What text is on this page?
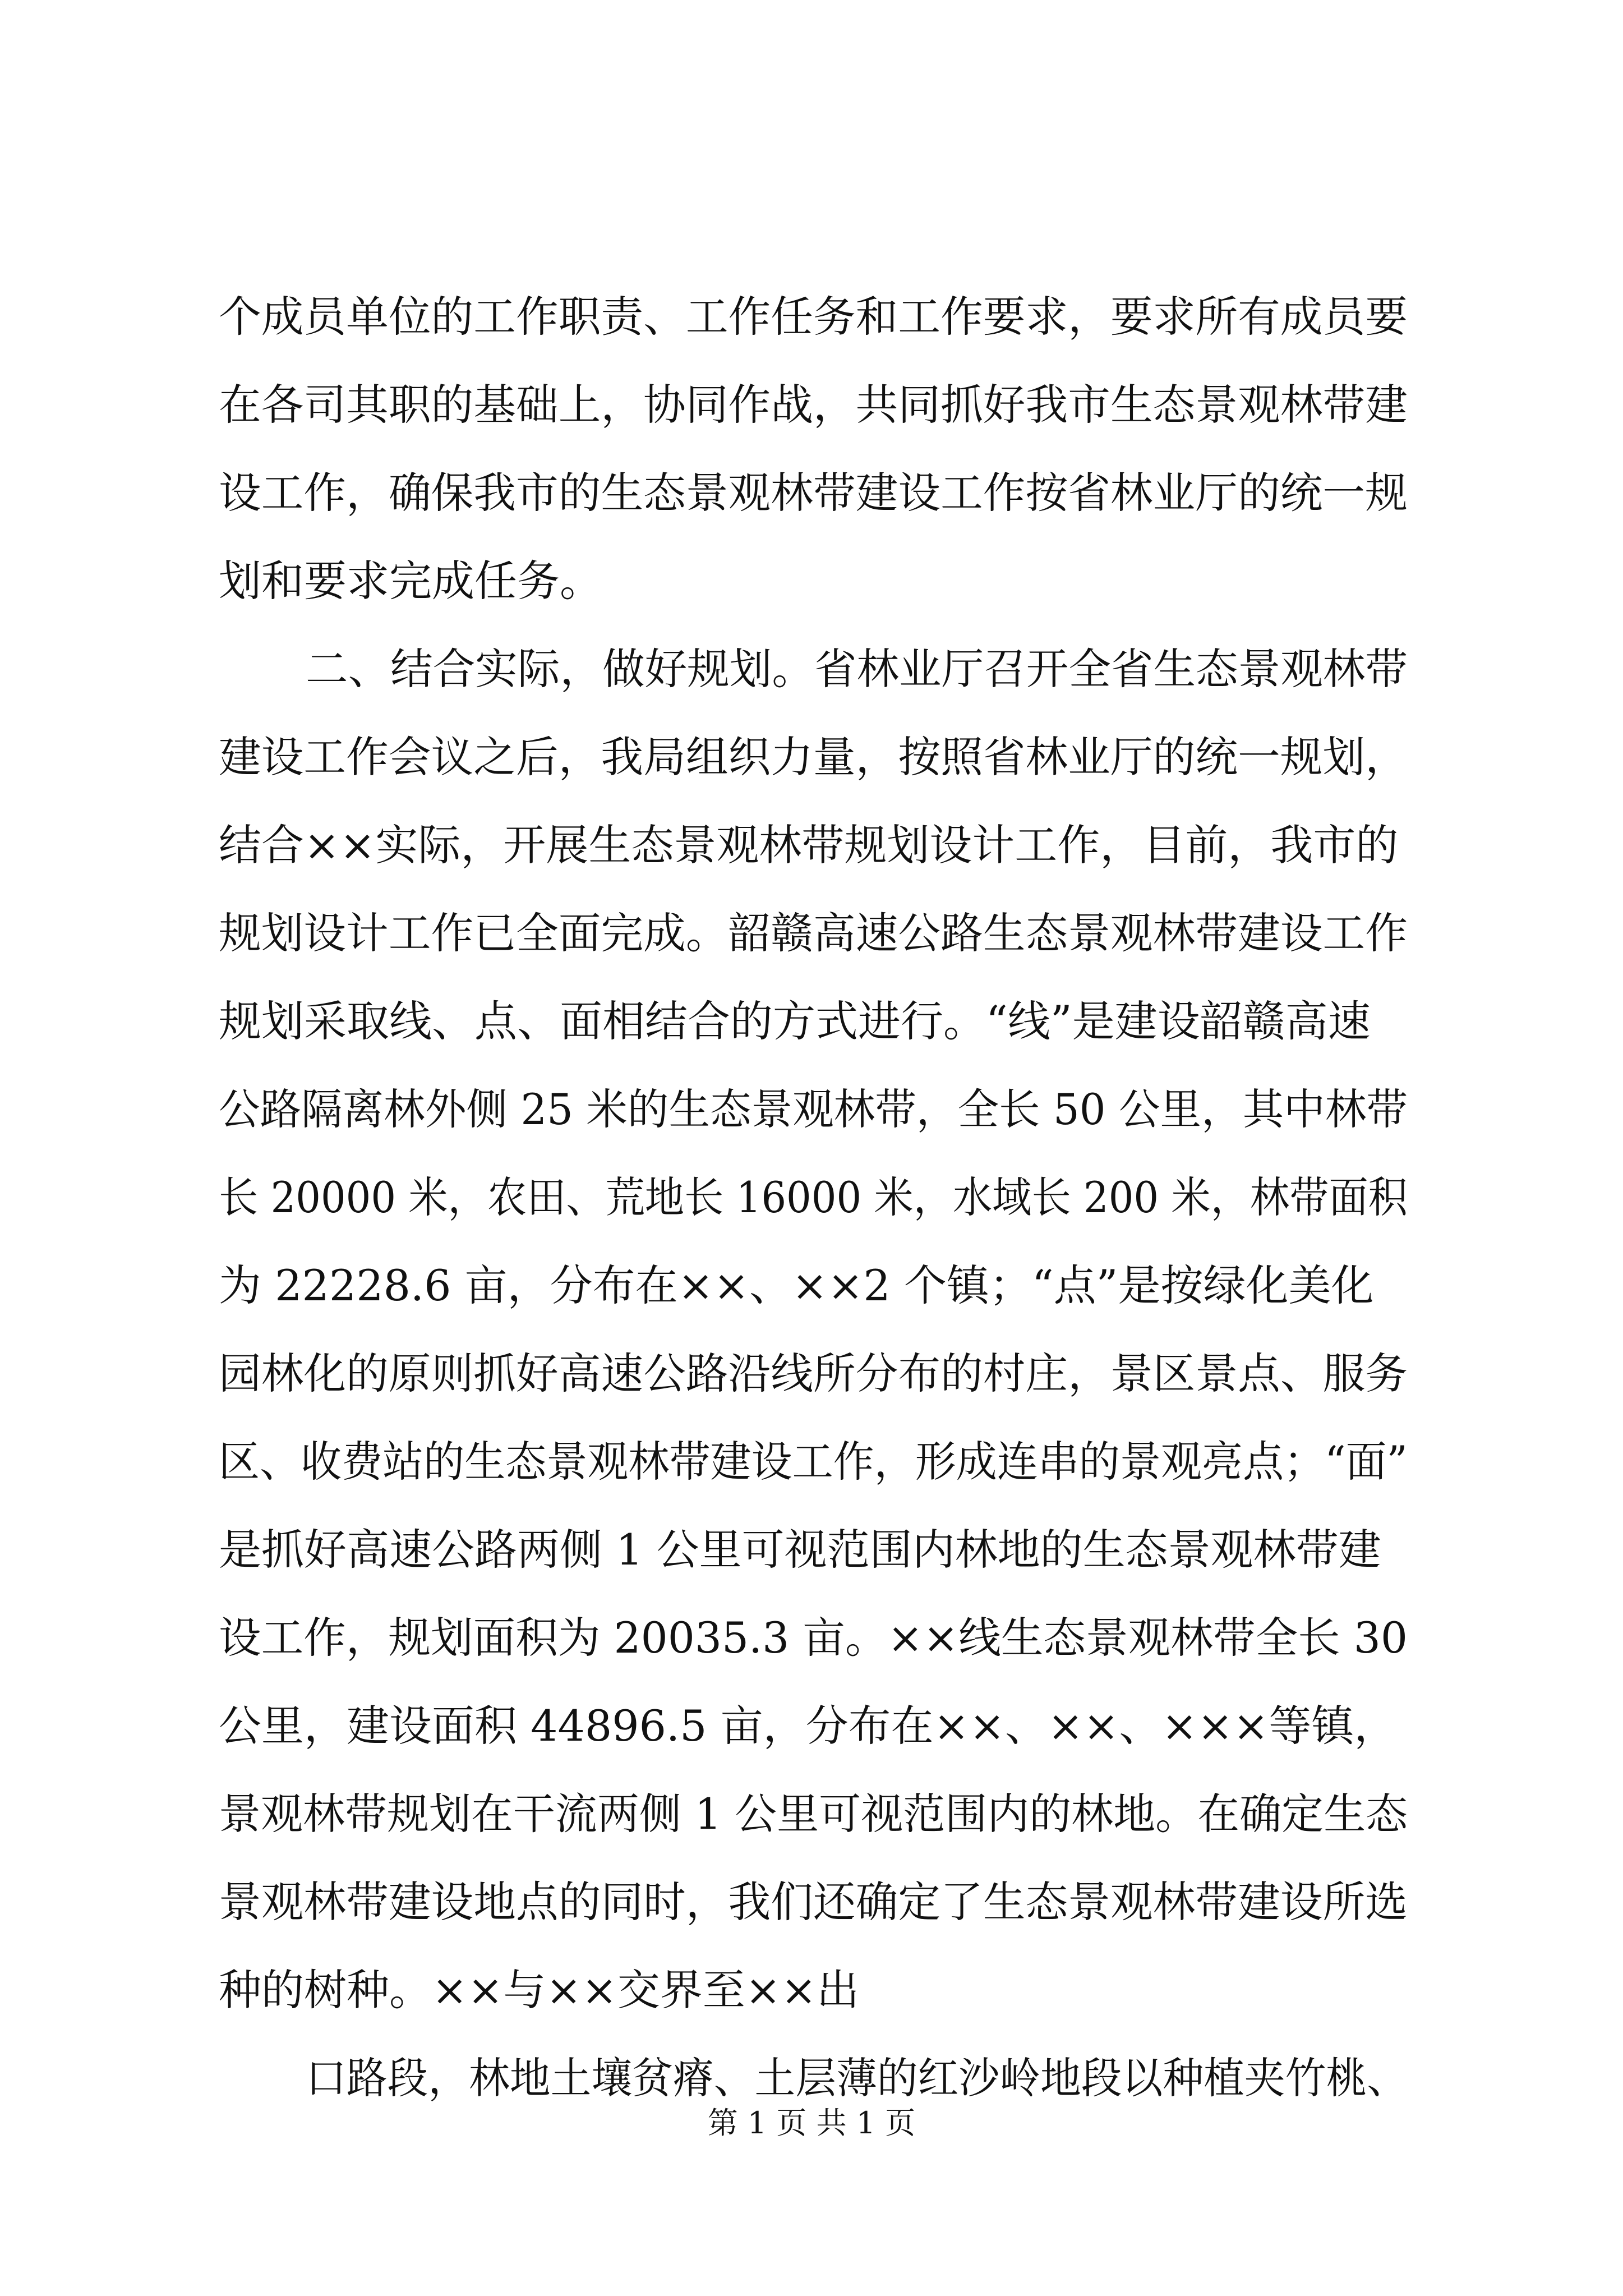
个成员单位的工作职责、工作任务和工作要求，要求所有成员要
在各司其职的基础上，协同作战，共同抓好我市生态景观林带建
设工作，确保我市的生态景观林带建设工作按省林业厅的统一规
划和要求完成任务。
二、结合实际，做好规划。省林业厅召开全省生态景观林带
建设工作会议之后，我局组织力量，按照省林业厅的统一规划，
结合××实际，开展生态景观林带规划设计工作，目前，我市的
规划设计工作已全面完成。韶赣高速公路生态景观林带建设工作
规划采取线、点、面相结合的方式进行。“线”是建设韶赣高速
公路隔离林外侧 25 米的生态景观林带，全长 50 公里，其中林带
长 20000 米，农田、荒地长 16000 米，水域长 200 米，林带面积
为 22228.6 亩，分布在××、××2 个镇；“点”是按绿化美化
园林化的原则抓好高速公路沿线所分布的村庄，景区景点、服务
区、收费站的生态景观林带建设工作，形成连串的景观亮点；“面”
是抓好高速公路两侧 1 公里可视范围内林地的生态景观林带建
设工作，规划面积为 20035.3 亩。××线生态景观林带全长 30
公里，建设面积 44896.5 亩，分布在××、××、×××等镇，
景观林带规划在干流两侧 1 公里可视范围内的林地。在确定生态
景观林带建设地点的同时，我们还确定了生态景观林带建设所选
种的树种。××与××交界至××出
口路段，林地土壤贫瘠、土层薄的红沙岭地段以种植夹竹桃、
第 1 页 共 1 页
